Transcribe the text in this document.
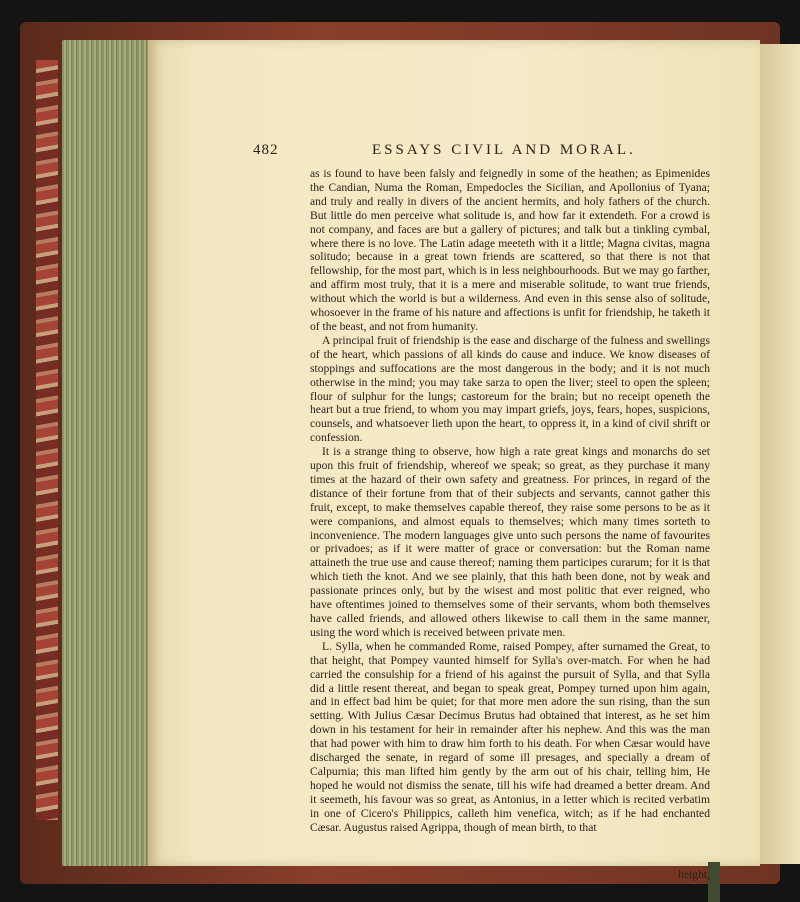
482	ESSAYS CIVIL AND MORAL.

as is found to have been falsly and feignedly in some of the heathen; as Epimenides the Candian, Numa the Roman, Empedocles the Sicilian, and Apollonius of Tyana; and truly and really in divers of the ancient hermits, and holy fathers of the church. But little do men perceive what solitude is, and how far it extendeth. For a crowd is not company, and faces are but a gallery of pictures; and talk but a tinkling cymbal, where there is no love. The Latin adage meeteth with it a little; Magna civitas, magna solitudo; because in a great town friends are scattered, so that there is not that fellowship, for the most part, which is in less neighbourhoods. But we may go farther, and affirm most truly, that it is a mere and miserable solitude, to want true friends, without which the world is but a wilderness. And even in this sense also of solitude, whosoever in the frame of his nature and affections is unfit for friendship, he taketh it of the beast, and not from humanity.

A principal fruit of friendship is the ease and discharge of the fulness and swellings of the heart, which passions of all kinds do cause and induce. We know diseases of stoppings and suffocations are the most dangerous in the body; and it is not much otherwise in the mind; you may take sarza to open the liver; steel to open the spleen; flour of sulphur for the lungs; castoreum for the brain; but no receipt openeth the heart but a true friend, to whom you may impart griefs, joys, fears, hopes, suspicions, counsels, and whatsoever lieth upon the heart, to oppress it, in a kind of civil shrift or confession.

It is a strange thing to observe, how high a rate great kings and monarchs do set upon this fruit of friendship, whereof we speak; so great, as they purchase it many times at the hazard of their own safety and greatness. For princes, in regard of the distance of their fortune from that of their subjects and servants, cannot gather this fruit, except, to make themselves capable thereof, they raise some persons to be as it were companions, and almost equals to themselves; which many times sorteth to inconvenience. The modern languages give unto such persons the name of favourites or privadoes; as if it were matter of grace or conversation: but the Roman name attaineth the true use and cause thereof; naming them participes curarum; for it is that which tieth the knot. And we see plainly, that this hath been done, not by weak and passionate princes only, but by the wisest and most politic that ever reigned, who have oftentimes joined to themselves some of their servants, whom both themselves have called friends, and allowed others likewise to call them in the same manner, using the word which is received between private men.

L. Sylla, when he commanded Rome, raised Pompey, after surnamed the Great, to that height, that Pompey vaunted himself for Sylla's over-match. For when he had carried the consulship for a friend of his against the pursuit of Sylla, and that Sylla did a little resent thereat, and began to speak great, Pompey turned upon him again, and in effect bad him be quiet; for that more men adore the sun rising, than the sun setting. With Julius Cæsar Decimus Brutus had obtained that interest, as he set him down in his testament for heir in remainder after his nephew. And this was the man that had power with him to draw him forth to his death. For when Cæsar would have discharged the senate, in regard of some ill presages, and specially a dream of Calpurnia; this man lifted him gently by the arm out of his chair, telling him, He hoped he would not dismiss the senate, till his wife had dreamed a better dream. And it seemeth, his favour was so great, as Antonius, in a letter which is recited verbatim in one of Cicero's Philippics, calleth him venefica, witch; as if he had enchanted Cæsar. Augustus raised Agrippa, though of mean birth, to that

height,
